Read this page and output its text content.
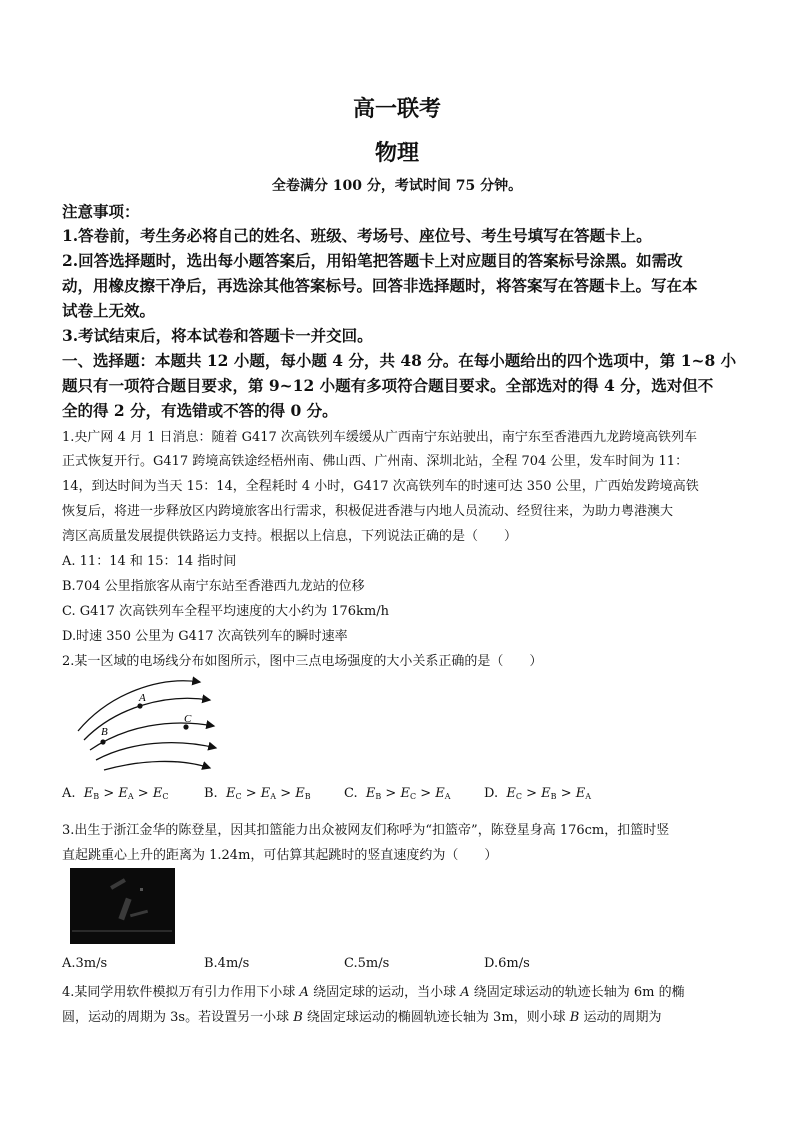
高一联考
物理
全卷满分 100 分，考试时间 75 分钟。
注意事项：
1.答卷前，考生务必将自己的姓名、班级、考场号、座位号、考生号填写在答题卡上。
2.回答选择题时，选出每小题答案后，用铅笔把答题卡上对应题目的答案标号涂黑。如需改
动，用橡皮擦干净后，再选涂其他答案标号。回答非选择题时，将答案写在答题卡上。写在本
试卷上无效。
3.考试结束后，将本试卷和答题卡一并交回。
一、选择题：本题共 12 小题，每小题 4 分，共 48 分。在每小题给出的四个选项中，第 1~8 小
题只有一项符合题目要求，第 9~12 小题有多项符合题目要求。全部选对的得 4 分，选对但不
全的得 2 分，有选错或不答的得 0 分。
1.央广网 4 月 1 日消息：随着 G417 次高铁列车缓缓从广西南宁东站驶出，南宁东至香港西九龙跨境高铁列车
正式恢复开行。G417 跨境高铁途经梧州南、佛山西、广州南、深圳北站，全程 704 公里，发车时间为 11：
14，到达时间为当天 15：14，全程耗时 4 小时，G417 次高铁列车的时速可达 350 公里，广西始发跨境高铁
恢复后，将进一步释放区内跨境旅客出行需求，积极促进香港与内地人员流动、经贸往来，为助力粤港澳大
湾区高质量发展提供铁路运力支持。根据以上信息，下列说法正确的是（　　）
A. 11：14 和 15：14 指时间
B.704 公里指旅客从南宁东站至香港西九龙站的位移
C. G417 次高铁列车全程平均速度的大小约为 176km/h
D.时速 350 公里为 G417 次高铁列车的瞬时速率
2.某一区域的电场线分布如图所示，图中三点电场强度的大小关系正确的是（　　）
A
B
C
A. $E_B > E_A > E_C$	B. $E_C > E_A > E_B$	C. $E_B > E_C > E_A$	D. $E_C > E_B > E_A$
3.出生于浙江金华的陈登星，因其扣篮能力出众被网友们称呼为“扣篮帝”，陈登星身高 176cm，扣篮时竖
直起跳重心上升的距离为 1.24m，可估算其起跳时的竖直速度约为（　　）
A.3m/s	B.4m/s	C.5m/s	D.6m/s
4.某同学用软件模拟万有引力作用下小球 A 绕固定球的运动，当小球 A 绕固定球运动的轨迹长轴为 6m 的椭
圆，运动的周期为 3s。若设置另一小球 B 绕固定球运动的椭圆轨迹长轴为 3m，则小球 B 运动的周期为
